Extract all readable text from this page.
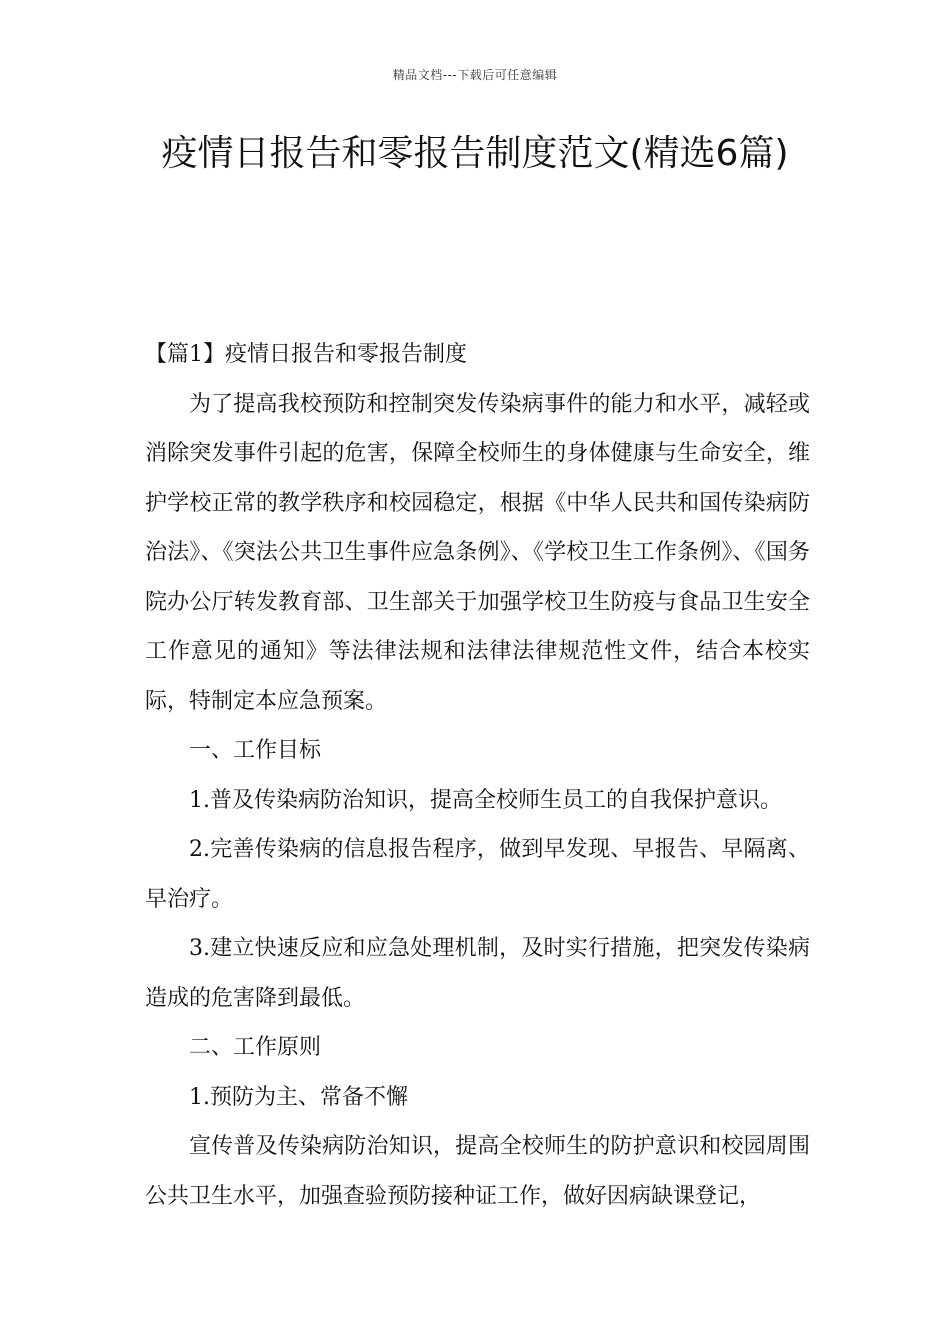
精品文档---下载后可任意编辑
疫情日报告和零报告制度范文(精选6篇)

【篇1】疫情日报告和零报告制度

为了提高我校预防和控制突发传染病事件的能力和水平，减轻或消除突发事件引起的危害，保障全校师生的身体健康与生命安全，维护学校正常的教学秩序和校园稳定，根据《中华人民共和国传染病防治法》、《突法公共卫生事件应急条例》、《学校卫生工作条例》、《国务院办公厅转发教育部、卫生部关于加强学校卫生防疫与食品卫生安全工作意见的通知》等法律法规和法律法律规范性文件，结合本校实际，特制定本应急预案。

一、工作目标

1.普及传染病防治知识，提高全校师生员工的自我保护意识。

2.完善传染病的信息报告程序，做到早发现、早报告、早隔离、早治疗。

3.建立快速反应和应急处理机制，及时实行措施，把突发传染病造成的危害降到最低。

二、工作原则

1.预防为主、常备不懈

宣传普及传染病防治知识，提高全校师生的防护意识和校园周围公共卫生水平，加强查验预防接种证工作，做好因病缺课登记，
